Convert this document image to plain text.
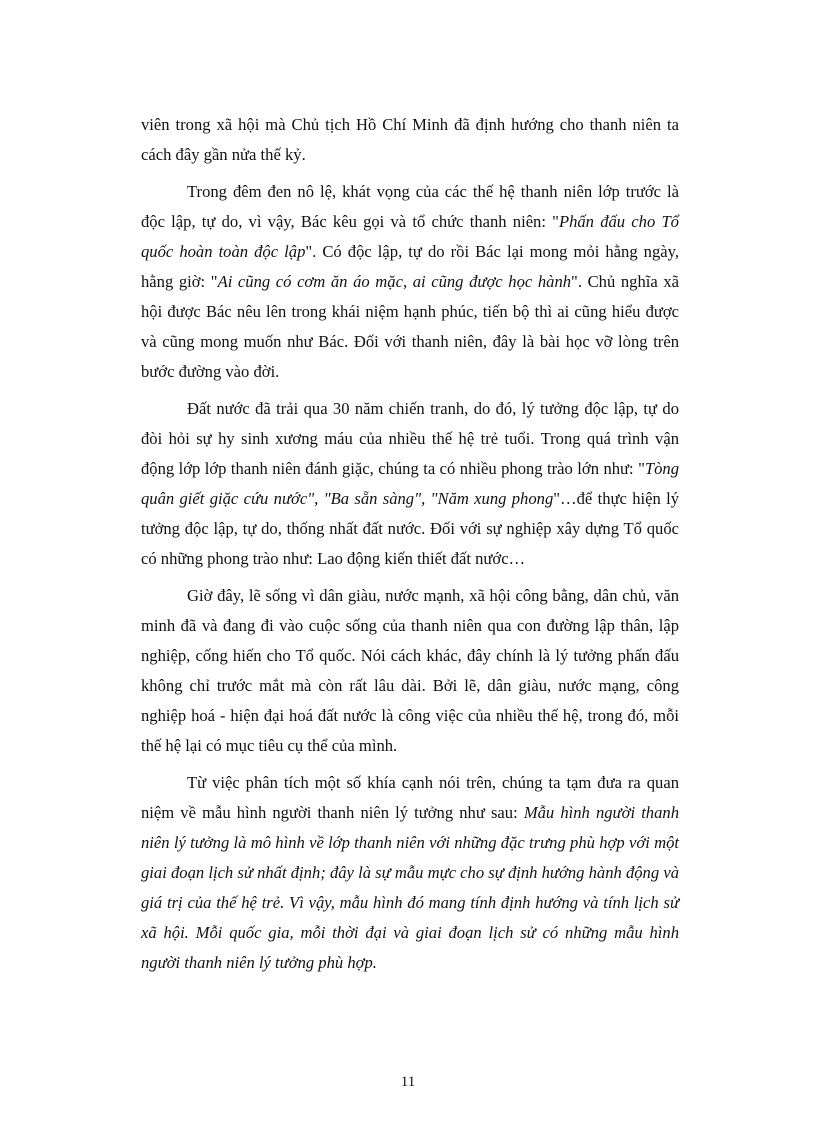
viên trong xã hội mà Chủ tịch Hồ Chí Minh đã định hướng cho thanh niên ta cách đây gần nửa thế kỷ.

Trong đêm đen nô lệ, khát vọng của các thế hệ thanh niên lớp trước là độc lập, tự do, vì vậy, Bác kêu gọi và tổ chức thanh niên: "Phấn đấu cho Tổ quốc hoàn toàn độc lập". Có độc lập, tự do rồi Bác lại mong mỏi hằng ngày, hằng giờ: "Ai cũng có cơm ăn áo mặc, ai cũng được học hành". Chủ nghĩa xã hội được Bác nêu lên trong khái niệm hạnh phúc, tiến bộ thì ai cũng hiểu được và cũng mong muốn như Bác. Đối với thanh niên, đây là bài học vỡ lòng trên bước đường vào đời.

Đất nước đã trải qua 30 năm chiến tranh, do đó, lý tưởng độc lập, tự do đòi hỏi sự hy sinh xương máu của nhiều thế hệ trẻ tuổi. Trong quá trình vận động lớp lớp thanh niên đánh giặc, chúng ta có nhiều phong trào lớn như: "Tòng quân giết giặc cứu nước", "Ba sẵn sàng", "Năm xung phong"…để thực hiện lý tưởng độc lập, tự do, thống nhất đất nước. Đối với sự nghiệp xây dựng Tổ quốc có những phong trào như: Lao động kiến thiết đất nước…

Giờ đây, lẽ sống vì dân giàu, nước mạnh, xã hội công bằng, dân chủ, văn minh đã và đang đi vào cuộc sống của thanh niên qua con đường lập thân, lập nghiệp, cống hiến cho Tổ quốc. Nói cách khác, đây chính là lý tưởng phấn đấu không chỉ trước mắt mà còn rất lâu dài. Bởi lẽ, dân giàu, nước mạng, công nghiệp hoá - hiện đại hoá đất nước là công việc của nhiều thế hệ, trong đó, mỗi thế hệ lại có mục tiêu cụ thể của mình.

Từ việc phân tích một số khía cạnh nói trên, chúng ta tạm đưa ra quan niệm về mẫu hình người thanh niên lý tưởng như sau: Mẫu hình người thanh niên lý tưởng là mô hình về lớp thanh niên với những đặc trưng phù hợp với một giai đoạn lịch sử nhất định; đây là sự mẫu mực cho sự định hướng hành động và giá trị của thế hệ trẻ. Vì vậy, mẫu hình đó mang tính định hướng và tính lịch sử xã hội. Mỗi quốc gia, mỗi thời đại và giai đoạn lịch sử có những mẫu hình người thanh niên lý tưởng phù hợp.

11
